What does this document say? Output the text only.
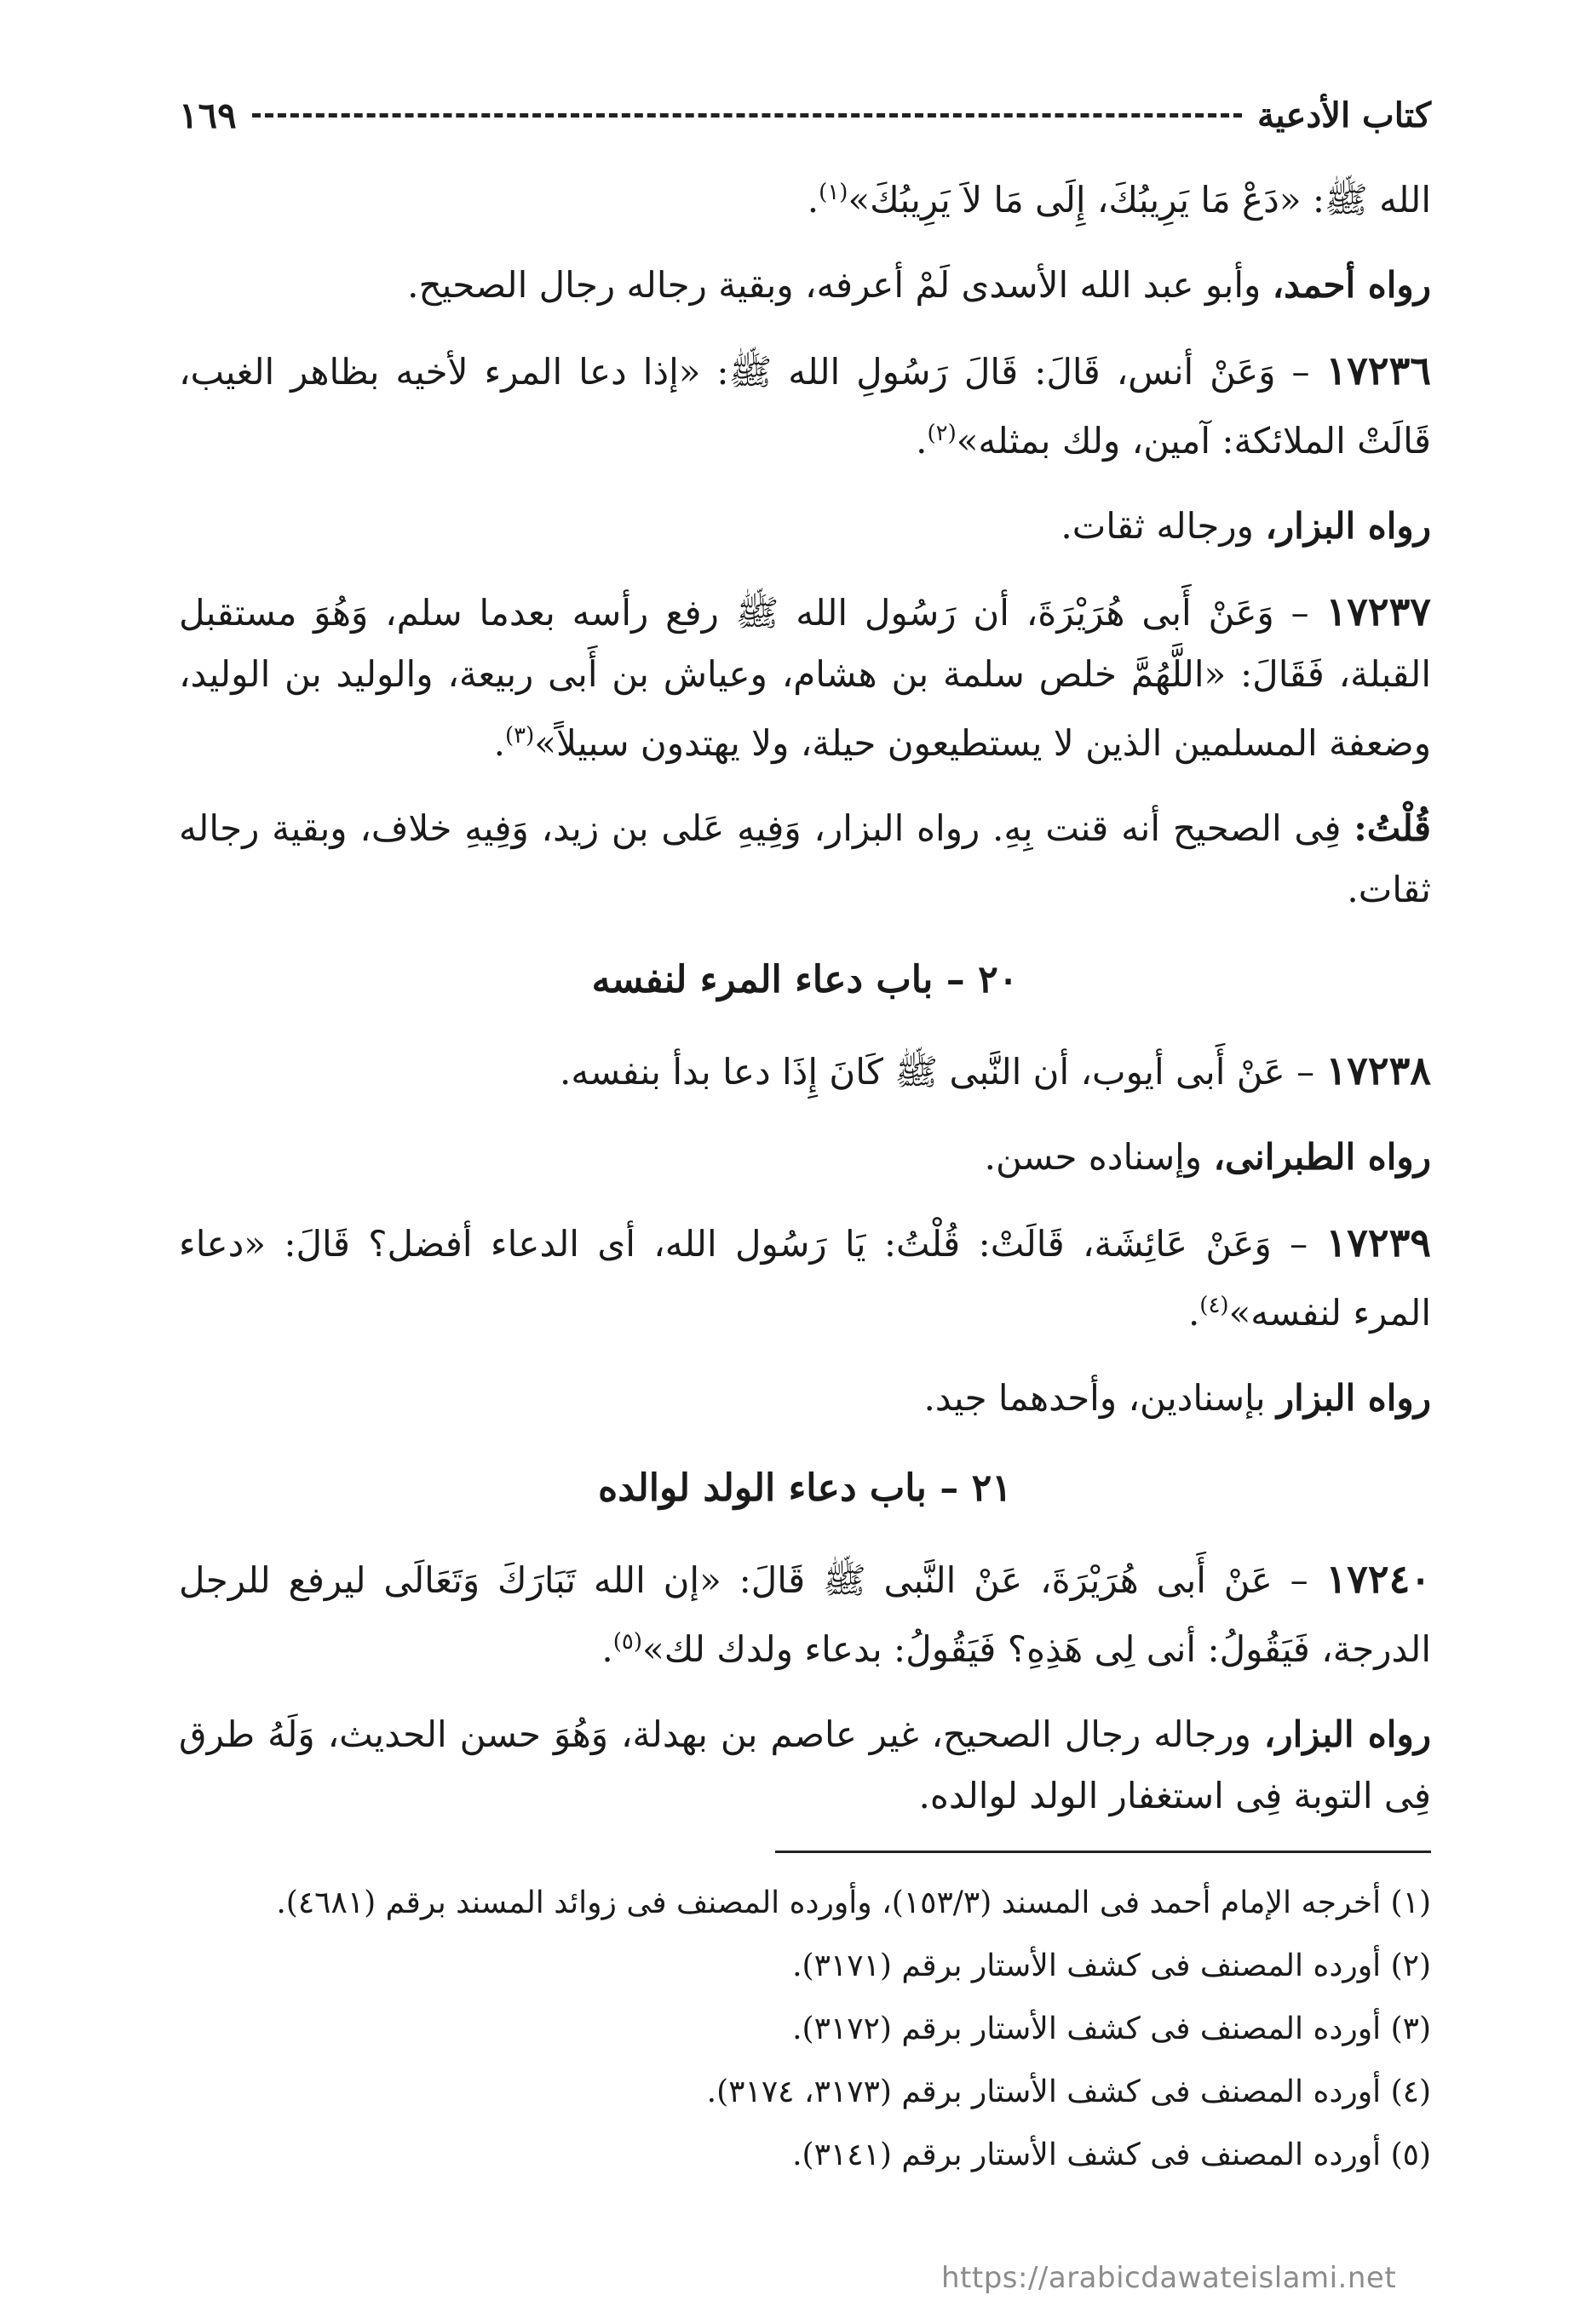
كتاب الأدعية
١٦٩

الله ﷺ: «دَعْ مَا يَرِيبُكَ، إِلَى مَا لاَ يَرِيبُكَ»$^{(١)}$.

رواه أحمد، وأبو عبد الله الأسدى لَمْ أعرفه، وبقية رجاله رجال الصحيح.

١٧٢٣٦ – وَعَنْ أنس، قَالَ: قَالَ رَسُولِ الله ﷺ: «إذا دعا المرء لأخيه بظاهر الغيب، قَالَتْ الملائكة: آمين، ولك بمثله»$^{(٢)}$.

رواه البزار، ورجاله ثقات.

١٧٢٣٧ – وَعَنْ أَبى هُرَيْرَةَ، أن رَسُول الله ﷺ رفع رأسه بعدما سلم، وَهُوَ مستقبل القبلة، فَقَالَ: «اللَّهُمَّ خلص سلمة بن هشام، وعياش بن أَبى ربيعة، والوليد بن الوليد، وضعفة المسلمين الذين لا يستطيعون حيلة، ولا يهتدون سبيلاً»$^{(٣)}$.

قُلْتُ: فِى الصحيح أنه قنت بِهِ. رواه البزار، وَفِيهِ عَلى بن زيد، وَفِيهِ خلاف، وبقية رجاله ثقات.

٢٠ – باب دعاء المرء لنفسه

١٧٢٣٨ – عَنْ أَبى أيوب، أن النَّبى ﷺ كَانَ إِذَا دعا بدأ بنفسه.

رواه الطبرانى، وإسناده حسن.

١٧٢٣٩ – وَعَنْ عَائِشَة، قَالَتْ: قُلْتُ: يَا رَسُول الله، أى الدعاء أفضل؟ قَالَ: «دعاء المرء لنفسه»$^{(٤)}$.

رواه البزار بإسنادين، وأحدهما جيد.

٢١ – باب دعاء الولد لوالده

١٧٢٤٠ – عَنْ أَبى هُرَيْرَةَ، عَنْ النَّبى ﷺ قَالَ: «إن الله تَبَارَكَ وَتَعَالَى ليرفع للرجل الدرجة، فَيَقُولُ: أنى لِى هَذِهِ؟ فَيَقُولُ: بدعاء ولدك لك»$^{(٥)}$.

رواه البزار، ورجاله رجال الصحيح، غير عاصم بن بهدلة، وَهُوَ حسن الحديث، وَلَهُ طرق فِى التوبة فِى استغفار الولد لوالده.

(١) أخرجه الإمام أحمد فى المسند (١٥٣/٣)، وأورده المصنف فى زوائد المسند برقم (٤٦٨١).

(٢) أورده المصنف فى كشف الأستار برقم (٣١٧١).

(٣) أورده المصنف فى كشف الأستار برقم (٣١٧٢).

(٤) أورده المصنف فى كشف الأستار برقم (٣١٧٣، ٣١٧٤).

(٥) أورده المصنف فى كشف الأستار برقم (٣١٤١).

https://arabicdawateislami.net
